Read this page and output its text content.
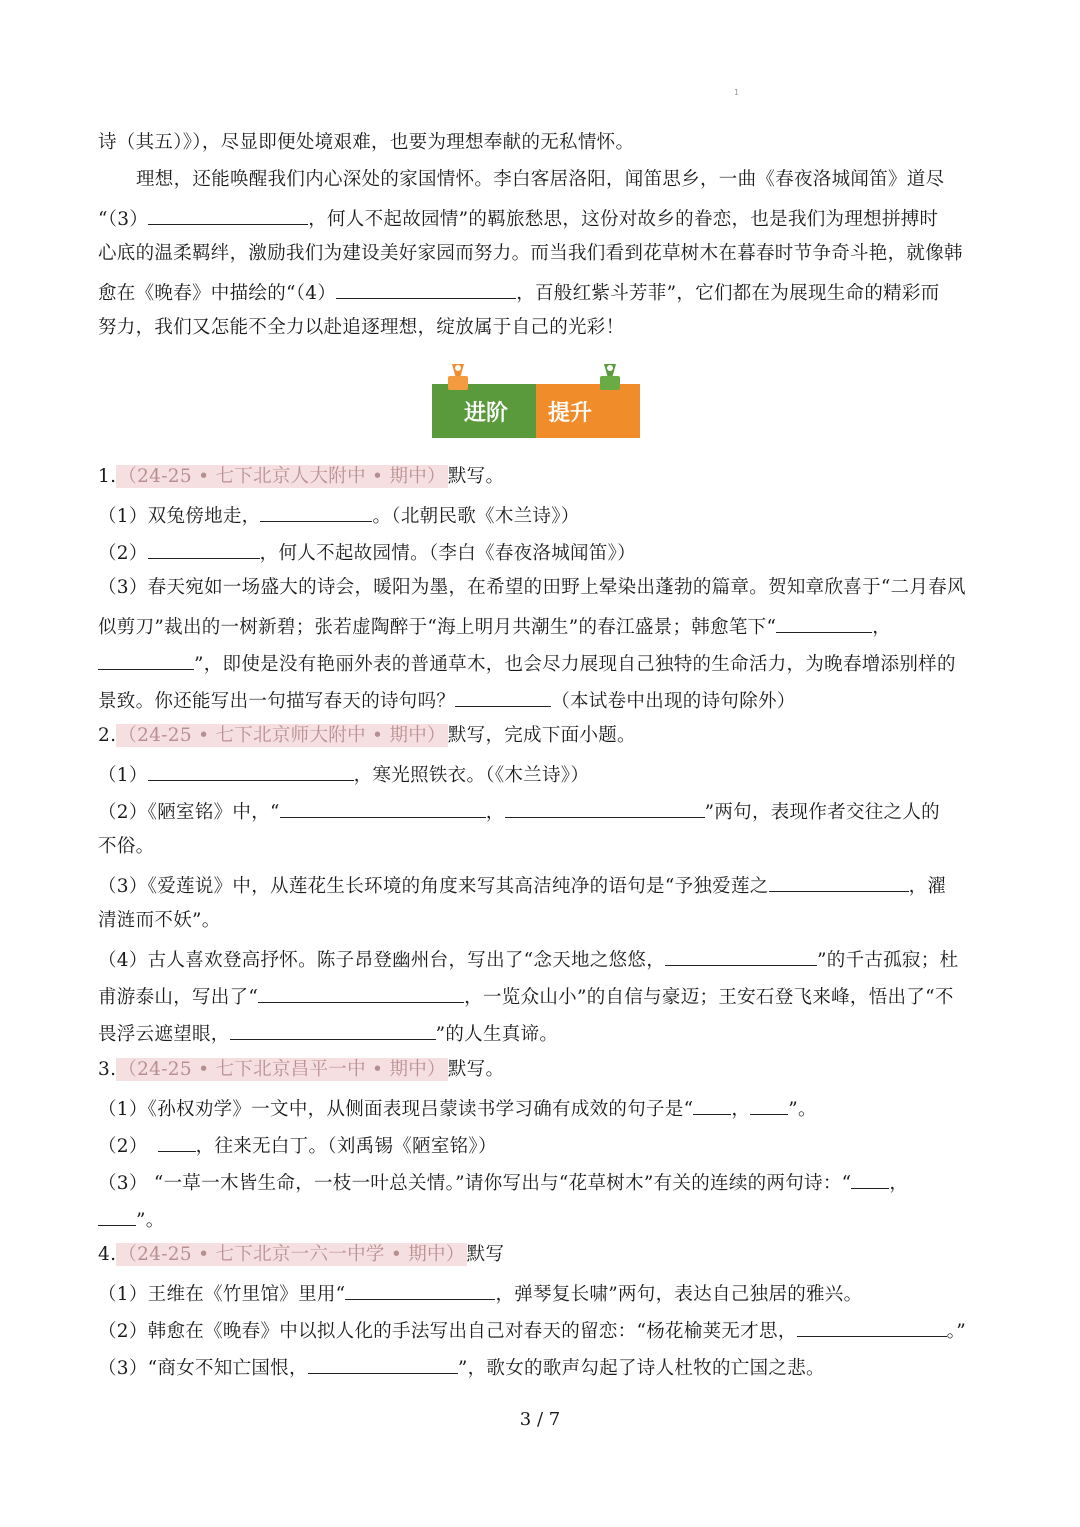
1
诗（其五）》），尽显即便处境艰难，也要为理想奉献的无私情怀。
理想，还能唤醒我们内心深处的家国情怀。李白客居洛阳，闻笛思乡，一曲《春夜洛城闻笛》道尽
“（3）	，何人不起故园情”的羁旅愁思，这份对故乡的眷恋，也是我们为理想拼搏时
心底的温柔羁绊，激励我们为建设美好家园而努力。而当我们看到花草树木在暮春时节争奇斗艳，就像韩
愈在《晚春》中描绘的“（4）	，百般红紫斗芳菲”，它们都在为展现生命的精彩而
努力，我们又怎能不全力以赴追逐理想，绽放属于自己的光彩！
进阶 提升
1. （24-25 • 七下北京人大附中 • 期中） 默写。
（1）双兔傍地走，	。（北朝民歌《木兰诗》）
（2）	，何人不起故园情。（李白《春夜洛城闻笛》）
（3）春天宛如一场盛大的诗会，暖阳为墨，在希望的田野上晕染出蓬勃的篇章。贺知章欣喜于“二月春风
似剪刀”裁出的一树新碧；张若虚陶醉于“海上明月共潮生”的春江盛景；韩愈笔下“	，
”，即使是没有艳丽外表的普通草木，也会尽力展现自己独特的生命活力，为晚春增添别样的
景致。你还能写出一句描写春天的诗句吗？	（本试卷中出现的诗句除外）
2. （24-25 • 七下北京师大附中 • 期中） 默写，完成下面小题。
（1）	，寒光照铁衣。（《木兰诗》）
（2）《陋室铭》中，“	，	”两句，表现作者交往之人的
不俗。
（3）《爱莲说》中，从莲花生长环境的角度来写其高洁纯净的语句是“予独爱莲之	，濯
清涟而不妖”。
（4）古人喜欢登高抒怀。陈子昂登幽州台，写出了“念天地之悠悠，	”的千古孤寂；杜
甫游泰山，写出了“	，一览众山小”的自信与豪迈；王安石登飞来峰，悟出了“不
畏浮云遮望眼，	”的人生真谛。
3. （24-25 • 七下北京昌平一中 • 期中） 默写。
（1）《孙权劝学》一文中，从侧面表现吕蒙读书学习确有成效的句子是“ ， ”。
（2）	，往来无白丁。（刘禹锡《陋室铭》）
（3） “一草一木皆生命，一枝一叶总关情。”请你写出与“花草树木”有关的连续的两句诗：“ ，
”。
4. （24-25 • 七下北京一六一中学 • 期中） 默写
（1）王维在《竹里馆》里用“	，弹琴复长啸”两句，表达自己独居的雅兴。
（2）韩愈在《晚春》中以拟人化的手法写出自己对春天的留恋：“杨花榆荚无才思，	。”
（3）“商女不知亡国恨，	”，歌女的歌声勾起了诗人杜牧的亡国之悲。
3 / 7
